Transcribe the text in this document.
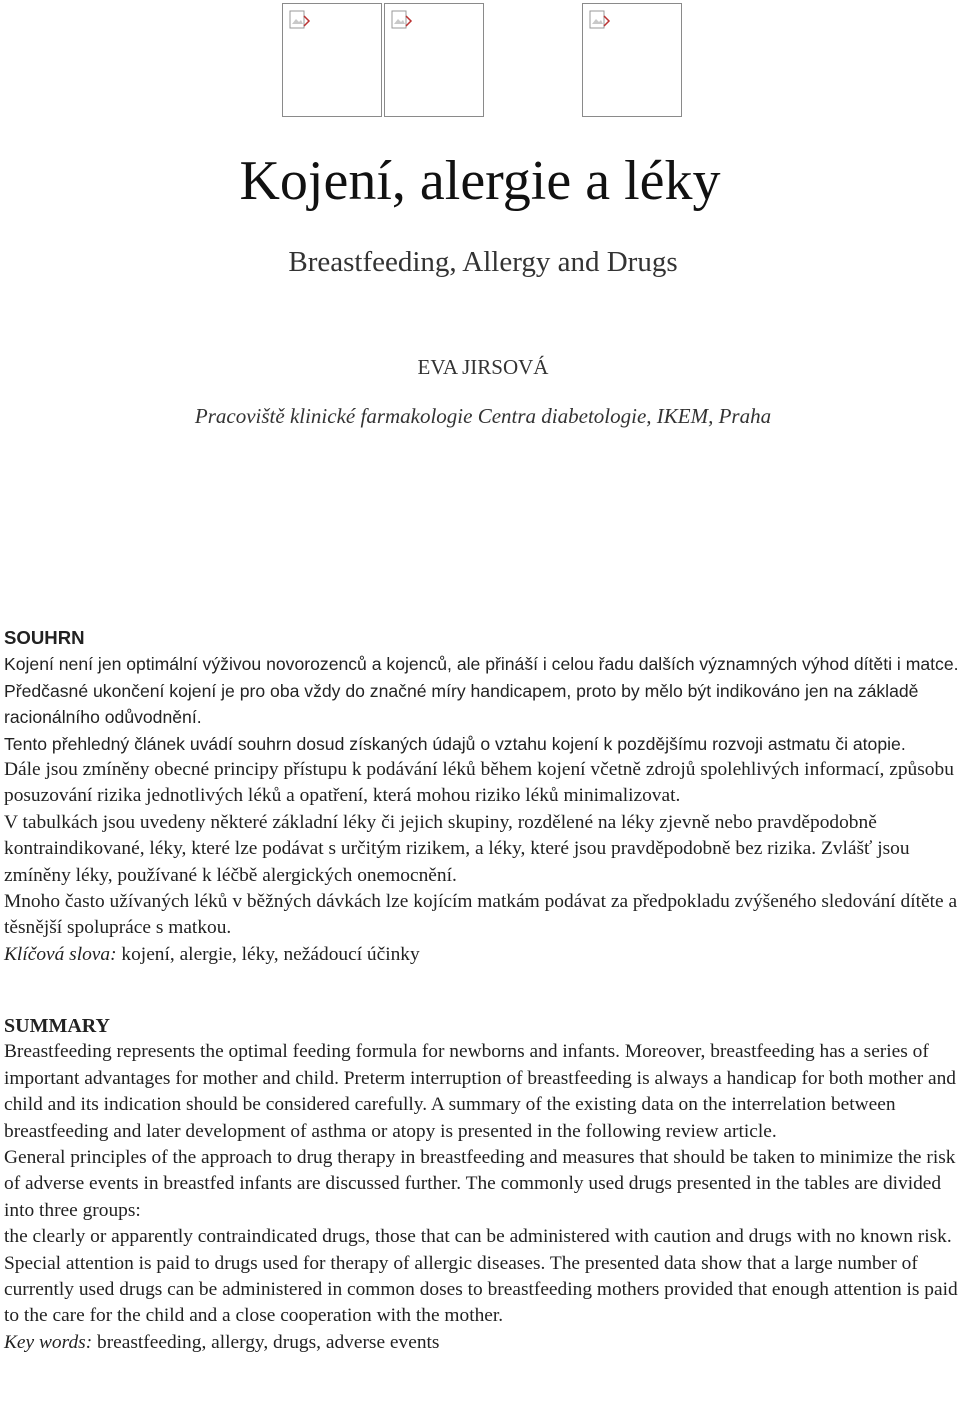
Kojení, alergie a léky
Breastfeeding, Allergy and Drugs
EVA JIRSOVÁ
Pracoviště klinické farmakologie Centra diabetologie, IKEM, Praha
SOUHRN

Kojení není jen optimální výživou novorozenců a kojenců, ale přináší i celou řadu dalších významných výhod dítěti i matce. Předčasné ukončení kojení je pro oba vždy do značné míry handicapem, proto by mělo být indikováno jen na základě racionálního odůvodnění.

Tento přehledný článek uvádí souhrn dosud získaných údajů o vztahu kojení k pozdějšímu rozvoji astmatu či atopie.

Dále jsou zmíněny obecné principy přístupu k podávání léků během kojení včetně zdrojů spolehlivých informací, způsobu posuzování rizika jednotlivých léků a opatření, která mohou riziko léků minimalizovat.

V tabulkách jsou uvedeny některé základní léky či jejich skupiny, rozdělené na léky zjevně nebo pravděpodobně kontraindikované, léky, které lze podávat s určitým rizikem, a léky, které jsou pravděpodobně bez rizika. Zvlášť jsou zmíněny léky, používané k léčbě alergických onemocnění.

Mnoho často užívaných léků v běžných dávkách lze kojícím matkám podávat za předpokladu zvýšeného sledování dítěte a těsnější spolupráce s matkou.

Klíčová slova: kojení, alergie, léky, nežádoucí účinky

SUMMARY

Breastfeeding represents the optimal feeding formula for newborns and infants. Moreover, breastfeeding has a series of important advantages for mother and child. Preterm interruption of breastfeeding is always a handicap for both mother and child and its indication should be considered carefully. A summary of the existing data on the interrelation between breastfeeding and later development of asthma or atopy is presented in the following review article.

General principles of the approach to drug therapy in breastfeeding and measures that should be taken to minimize the risk of adverse events in breastfed infants are discussed further. The commonly used drugs presented in the tables are divided into three groups:

the clearly or apparently contraindicated drugs, those that can be administered with caution and drugs with no known risk. Special attention is paid to drugs used for therapy of allergic diseases. The presented data show that a large number of currently used drugs can be administered in common doses to breastfeeding mothers provided that enough attention is paid to the care for the child and a close cooperation with the mother.

Key words: breastfeeding, allergy, drugs, adverse events
